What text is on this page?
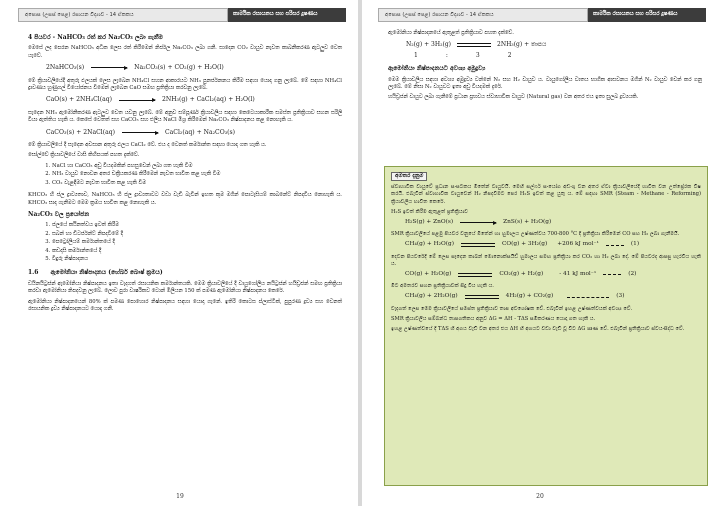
අපොස (උසස් පෙළ) රසායන විද්‍යාව - 14 ඒකකය	කාර්මික රසායනය සහ පරිසර දූෂණය
4 පියවර - NaHCO₃ රත් කර Na₂CO₃ ලබා ගැනීම

මෙසේ ලද පෙරන NaHCO₃ අධික ලෙස රත් කිරීමෙන් නිර්ජල Na₂CO₃ ලබා ගනී. සාදෙන CO₂ වායුව නැවත කාබනීකරණ ඇටලුව වෙත යැවේ.

2NaHCO₃(s)	Na₂CO₃(s) + CO₂(g) + H₂O(l)

මේ ක්‍රියාවලියේදී අතුරු ඵලයක් ලෙස ලැබෙන NH₄Cl සහන ආකාරයට NH₃ පුනර්ජනනය කිරීම සඳහා යොදා ගනු ලැබේ. මේ සඳහා NH₄Cl ද්‍රාවණය හුණුගල් වියෝජනය වීමෙන් ලැබෙන CaO සමඟ ප්‍රතික්‍රියා කරවනු ලැබේ.

CaO(s) + 2NH₄Cl(aq)	2NH₃(g) + CaCl₂(aq) + H₂O(l)

සැදෙන NH₃ ඇමෝනීකරණ ඇටලුව වෙත යවනු ලැබේ. මේ අනුව සම්පූර්ණ ක්‍රියාවලිය සඳහා කෙටෙයාකාරීක සමස්ත ප්‍රතික්‍රියාව සහන සරිලි වියා ඇත්තිය හැකි ය. කෙසේ වෙතත් සහ CaCO₃ සහ එලිය NaCl මිශ්‍ර කිරීමෙන් Na₂CO₃ නිෂ්පාදනය කළ නොහැකි ය.

CaCO₃(s) + 2NaCl(aq)	CaCl₂(aq) + Na₂CO₃(s)

මේ ක්‍රියාවලියේ දී සැදෙන අවසාන අතුරු ඵලය CaCl₂ වේ. එය ද වෙනත් කර්මාන්ත සඳහා යොදා ගත හැකි ය.

සෝල්වේ ක්‍රියාවලියේ වාසි කිහිපයක් පහත දැක්වේ.

1. NaCl හා CaCO₃ අඩු වියදමකින් පහසුවෙන් ලබා ගත හැකි වීම
2. NH₃ වායුව නොවන අතර චක්‍රීයකරණ කිරීමෙන් නැවත භාවිත කළ හැකි වීම
3. CO₂ වැළඳීමට නැවත භාවිත කළ හැකි වීම

KHCO₃ හි ජල ද්‍රාව්‍යතාව, NaHCO₃ හි ජල ද්‍රාව්‍යතාවට වඩා වැඩි බැවින් ඉහත කුම මගින් පොටෑසියම් කාබනේට් නිපදවිය නොහැකි ය. KHCO₃ සාදා ගැනීමට මෙම ක්‍රමය භාවිත කළ නොහැකි ය.

Na₂CO₃ වල ප්‍රයෝජන
1. ජලයේ කඨිනත්වය ඉවත් කිරීම
2. සබන් හා ඩිටර්ජන්ට් නිපදවීමේ දී
3. පෙට්‍රෝලියම් කර්මාන්තයේ දී
4. කඩදාසි කර්මාන්තයේ දී
5. වීදුරු නිෂ්පාදනය
1.6 ඇමෝනියා නිෂ්පාදනය (හේබර් බොෂ් ක්‍රමය)

ඩයිනයිට්‍රජන් ඇමෝනියා නිෂ්පාදනය ඉතා වැදගත් රසායනික කර්මාන්තයකි. මෙම ක්‍රියාවලියේ දී වායුගෝලීය නයිට්‍රජන් හයිඩ්‍රජන් සමඟ ප්‍රතික්‍රියා කරවා ඇමෝනියා නිපදවනු ලැබේ. ලොව පුරා වාර්ෂිකව ටොන් මිලියන 150 ක් පමණ ඇමෝනියා නිෂ්පාදනය කෙරේ.

ඇමෝනියා නිෂ්පාදනයෙන් 80% ක් පමණ පොහොර නිෂ්පාදනය සඳහා යොදා ගැනේ. ඉතිරි කොටස ප්ලාස්ටික්, පුපුරණ ද්‍රව්‍ය සහ වෙනත් රසායනික ද්‍රව්‍ය නිෂ්පාදනයට යොදා ගනී.

19
අපොස (උසස් පෙළ) රසායන විද්‍යාව - 14 ඒකකය	කාර්මික රසායනය සහ පරිසර දූෂණය

ඇමෝනියා නිෂ්පාදනයේ ඇතුළත් ප්‍රතික්‍රියාව පහත දැක්වේ.

N₂(g) + 3H₂(g)	2NH₃(g) + තාපය
1	:	3	2
ඇමෝනියා නිෂ්පාදනයට අවශ්‍ය අමුද්‍රව්‍ය

මෙම ක්‍රියාවලිය සඳහා අවශ්‍ය අමුද්‍රව්‍ය වන්නේ N₂ සහ H₂ වායුව ය. වායුගෝලීය වාතය භාගික ආසවනය මගින් N₂ වායුව වෙන් කර ගනු ලැබේ. මේ නිසා N₂ වායුවට ඉතා අඩු වියදමක් දැරේ.

හයිඩ්‍රජන් වායුව ලබා ගැනීමේ ප්‍රධාන ප්‍රභවය ස්වාභාවික වායුව (Natural gas) වන අතර එය ඉතා සුලබ ද්‍රව්‍යයකි.

අමතර දැනුම

ස්වාභාවික වායුවේ ප්‍රධාන සංඝටකය මීතේන් වායුවයි. මෙහි සල්ෆර් සංයෝග අඩංගු වන අතර ඒවා ක්‍රියාවලියේදී භාවිත වන උත්ප්‍රේරක විෂ කරයි. එබැවින් ස්වාභාවික වායුවෙන් H₂ නිපදවීමට පෙර H₂S ඉවත් කළ යුතු ය. මේ සඳහා SMR (Steam - Methane - Reforming) ක්‍රියාවලිය භාවිත කෙරේ.

H₂S ඉවත් කිරීම ඇතුළත් ප්‍රතික්‍රියාව

H₂S(g) + ZnO(s)	ZnS(s) + H₂O(g)

SMR ක්‍රියාවලියේ පළමු පියවර වනුයේ මීතේන් හා හුමාලය උෂ්ණත්වය 700-800 °C දී ප්‍රතික්‍රියා කිරීමෙන් CO සහ H₂ ලබා ගැනීමයි.

CH₄(g) + H₂O(g)	CO(g) + 3H₂(g) +206 kJ mol⁻¹	(1)

දෙවන පියවරේදී මේ ලෙස සෑදෙන කාබන් මොනොක්සයිඩ් හුමාලය සමඟ ප්‍රතික්‍රියා කර CO₂ හා H₂ ලබා දේ. මේ පියවරද ආපසු හැරවිය හැකි ය.

CO(g) + H₂O(g)	CO₂(g) + H₂(g)	- 41 kJ mol⁻¹	(2)

මීට අමතරව සහන ප්‍රතික්‍රියාවක් සිදු විය හැකි ය.

CH₄(g) + 2H₂O(g)	4H₂(g) + CO₂(g)	(3)

වැදගත් ලෙස මෙම ක්‍රියාවලියේ සමස්ත ප්‍රතික්‍රියාව තාප අවශෝෂක වේ. එබැවින් ඉහළ උෂ්ණත්වයක් අවශ්‍ය වේ.

SMR ක්‍රියාවලිය සම්බන්ධ තාපගතිකය අනුව ΔG = ΔH - TΔS සමීකරණය යොදා ගත හැකි ය.

ඉහළ උෂ්ණත්වයේ දී TΔS හි අගය වැඩි වන අතර එය ΔH හි අගයට වඩා වැඩි වූ විට ΔG ඍණ වේ. එබැවින් ප්‍රතික්‍රියාව ස්වයංසිද්ධ වේ.

20
